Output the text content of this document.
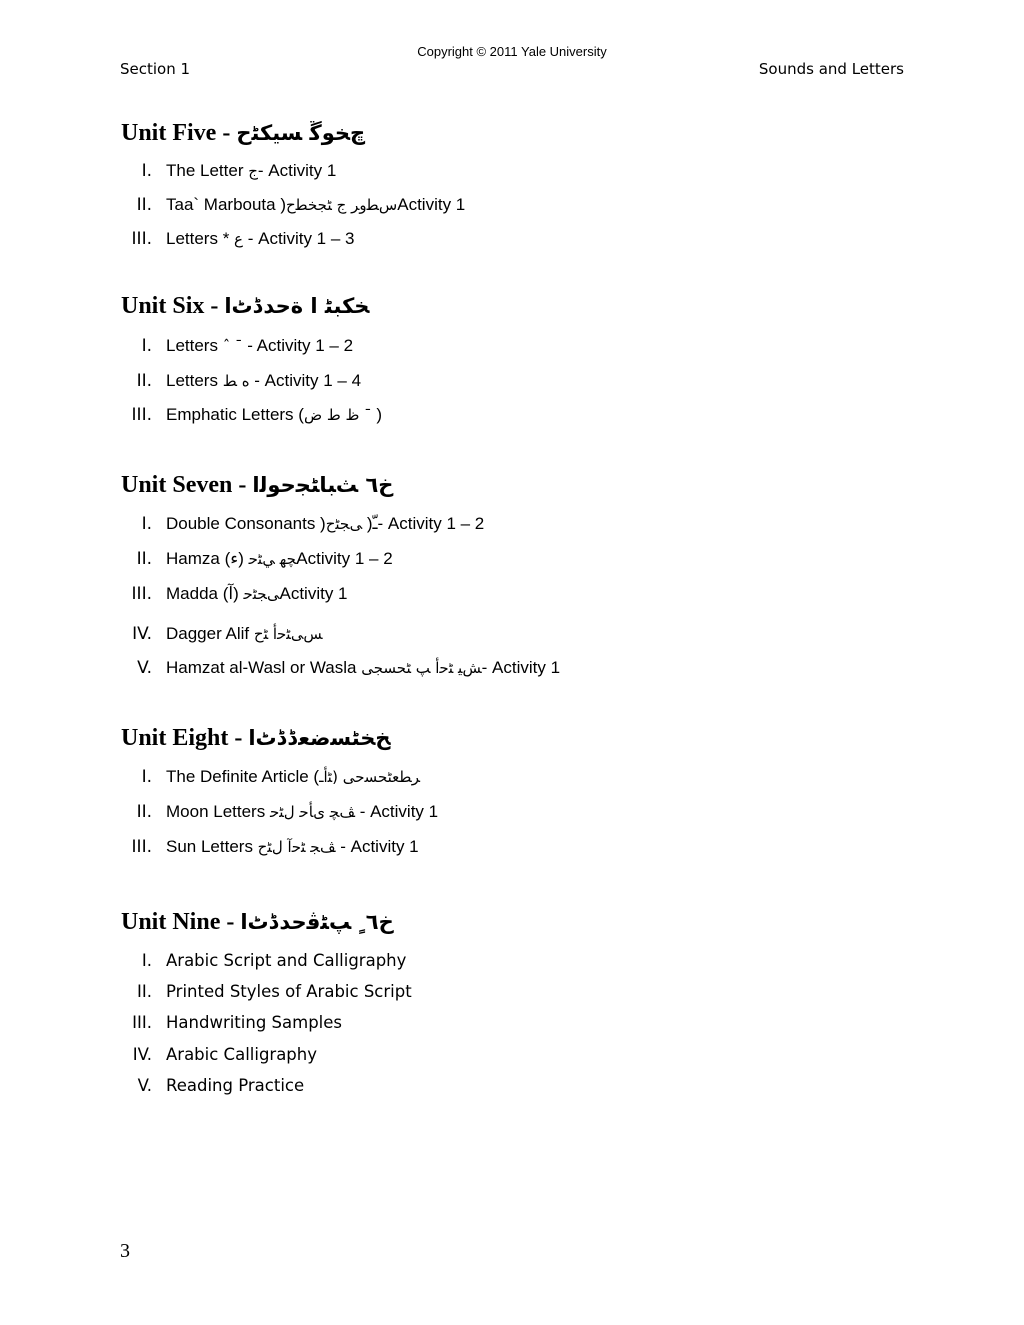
Copyright © 2011 Yale University
Section 1	Sounds and Letters
Unit Five - ﭾﺨﻮﮜ ﺴﻴﻜﭩﺡ
I. The Letter ﺝ- Activity 1
II. Taa` Marbouta )ﺱﻄﻭﺮ ﺝ ﭩﺠﺨﻄﺡActivity 1
III. Letters * ﻉ - Activity 1 – 3
Unit Six - ﺨﻜﺒﭩ ﺍ ﺓﺣﺪﮈﭦﺍ
I. Letters ˆ ˉ - Activity 1 – 2
II. Letters ﻩ ﻂ - Activity 1 – 4
III. Emphatic Letters (ﻅ ﻁ ﺽ ˉ )
Unit Seven - ﺥ٦ ﺚﺒﺎﭩﺠﺣﻮﻟﺍ
I. Double Consonants )ـّ( ﻰﺠﭩﺡ - Activity 1 – 2
II. Hamza (ء) ﭽﻬ ﻲﭩﺣActivity 1 – 2
III. Madda (آ) ﻰﺠﭩﺣActivity 1
IV. Dagger Alif ﺲﯽﭩﺣﺃ ﭩﺡ
V. Hamzat al-Wasl or Wasla ﺶﻴ ﭩﺣﺃ ﭗ ﭩﺤﺴﺠﯽ- Activity 1
Unit Eight - ﺦﺨﭩﺴﺿﻌﮈﮈﭦﺍ
I. The Definite Article (ﭩﺃـ) ﺮﻄﻌﭩﺤﺴﺣﻰ
II. Moon Letters ﭫﭽ ﯼﺄﺣ ﻝﭩﺣ - Activity 1
III. Sun Letters ﭫﺠ ﭩﺣﺁ ﻝﭩﺡ - Activity 1
Unit Nine - ﺥ٦ ٍ ﭗﭩﭬﺣﺪﮈﭦﺍ
I. Arabic Script and Calligraphy
II. Printed Styles of Arabic Script
III. Handwriting Samples
IV. Arabic Calligraphy
V. Reading Practice
3
